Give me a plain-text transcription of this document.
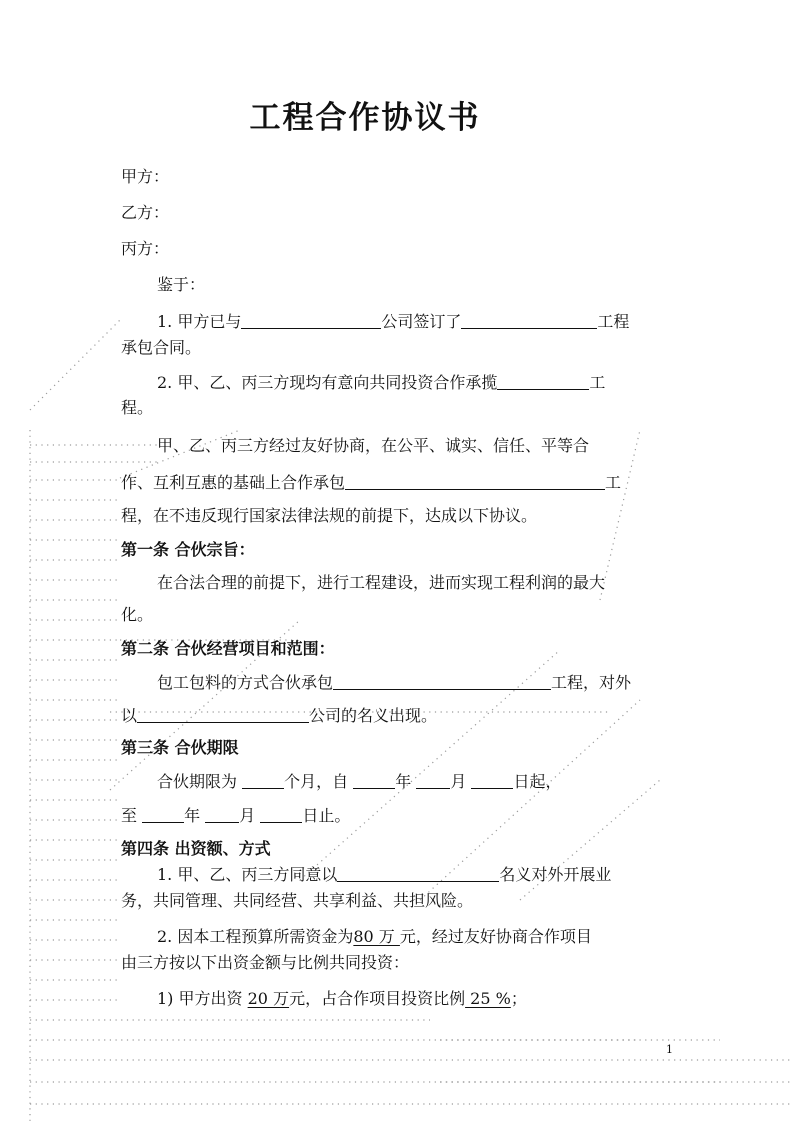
工程合作协议书
甲方：
乙方：
丙方：
鉴于：
1. 甲方已与	公司签订了	工程
承包合同。
2. 甲、乙、丙三方现均有意向共同投资合作承揽	工
程。
甲、乙、丙三方经过友好协商，在公平、诚实、信任、平等合
作、互利互惠的基础上合作承包	工
程，在不违反现行国家法律法规的前提下，达成以下协议。
第一条 合伙宗旨：
在合法合理的前提下，进行工程建设，进而实现工程利润的最大
化。
第二条 合伙经营项目和范围：
包工包料的方式合伙承包	工程，对外
以	公司的名义出现。
第三条 合伙期限
合伙期限为	个月，自	年 月	日起，
至	年 月	日止。
第四条 出资额、方式
1. 甲、乙、丙三方同意以	名义对外开展业
务，共同管理、共同经营、共享利益、共担风险。
2. 因本工程预算所需资金为80 万 元，经过友好协商合作项目
由三方按以下出资金额与比例共同投资：
1) 甲方出资 20 万元，占合作项目投资比例 25 %；
1
